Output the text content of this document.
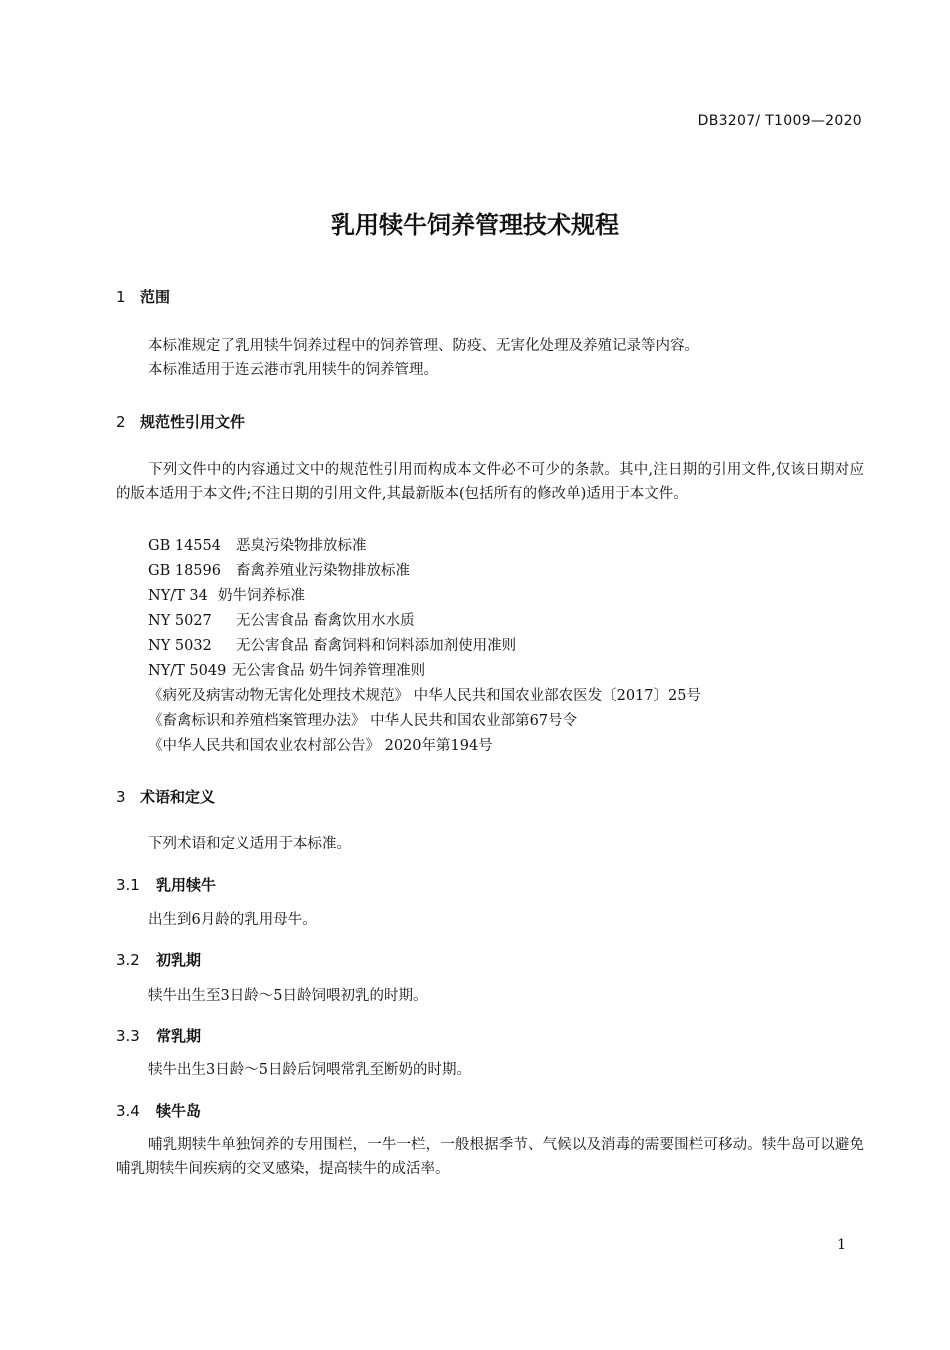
DB3207/ T1009—2020
乳用犊牛饲养管理技术规程
1 范围

本标准规定了乳用犊牛饲养过程中的饲养管理、防疫、无害化处理及养殖记录等内容。

本标准适用于连云港市乳用犊牛的饲养管理。

2 规范性引用文件

下列文件中的内容通过文中的规范性引用而构成本文件必不可少的条款。其中,注日期的引用文件,仅该日期对应的版本适用于本文件;不注日期的引用文件,其最新版本(包括所有的修改单)适用于本文件。

GB 14554 恶臭污染物排放标准
GB 18596 畜禽养殖业污染物排放标准
NY/T 34 奶牛饲养标准
NY 5027 无公害食品 畜禽饮用水水质
NY 5032 无公害食品 畜禽饲料和饲料添加剂使用准则
NY/T 5049 无公害食品 奶牛饲养管理准则
《病死及病害动物无害化处理技术规范》 中华人民共和国农业部农医发〔2017〕25号
《畜禽标识和养殖档案管理办法》 中华人民共和国农业部第67号令
《中华人民共和国农业农村部公告》 2020年第194号
3 术语和定义

下列术语和定义适用于本标准。

3.1 乳用犊牛

出生到6月龄的乳用母牛。

3.2 初乳期

犊牛出生至3日龄～5日龄饲喂初乳的时期。

3.3 常乳期

犊牛出生3日龄～5日龄后饲喂常乳至断奶的时期。

3.4 犊牛岛

哺乳期犊牛单独饲养的专用围栏，一牛一栏，一般根据季节、气候以及消毒的需要围栏可移动。犊牛岛可以避免哺乳期犊牛间疾病的交叉感染，提高犊牛的成活率。

1
